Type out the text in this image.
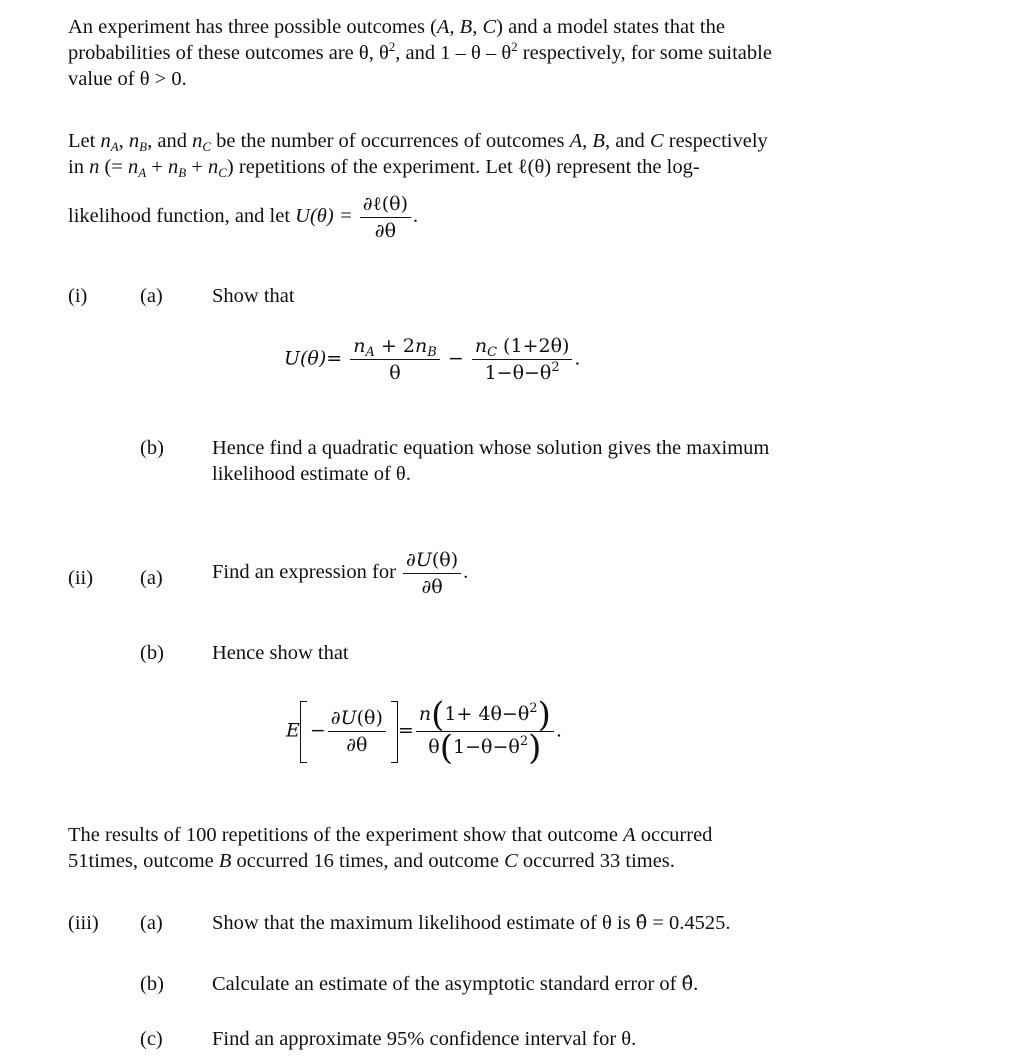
An experiment has three possible outcomes (A, B, C) and a model states that the
probabilities of these outcomes are θ, $\theta^2$, and 1 – θ – $\theta^2$ respectively, for some suitable
value of θ > 0.
Let $n_A$, $n_B$, and $n_C$ be the number of occurrences of outcomes A, B, and C respectively
in n (= $n_A + n_B + n_C$) repetitions of the experiment. Let ℓ(θ) represent the log-
likelihood function, and let $U(\theta) = \frac{\text{∂ℓ(θ)}}{\partial\theta}$ .
(i)	(a) Show that
$U(\theta)= \frac{n_A + 2n_B}{\theta} - \frac{n_C (1+2\theta)}{1-\theta-\theta^2}$ .
(b) Hence find a quadratic equation whose solution gives the maximum
likelihood estimate of θ.
(ii) (a) Find an expression for $\frac{\partial U(\theta)}{\partial\theta}$ .
(b) Hence show that
$E - \frac{\partial U(\theta)}{\partial\theta} = \frac{n(1+ 4\theta-\theta^2)}{\theta(1-\theta-\theta^2)}$ .
The results of 100 repetitions of the experiment show that outcome A occurred
51times, outcome B occurred 16 times, and outcome C occurred 33 times.
(iii) (a) Show that the maximum likelihood estimate of θ is θ̂ = 0.4525.
(b) Calculate an estimate of the asymptotic standard error of θ̂.
(c) Find an approximate 95% confidence interval for θ.
